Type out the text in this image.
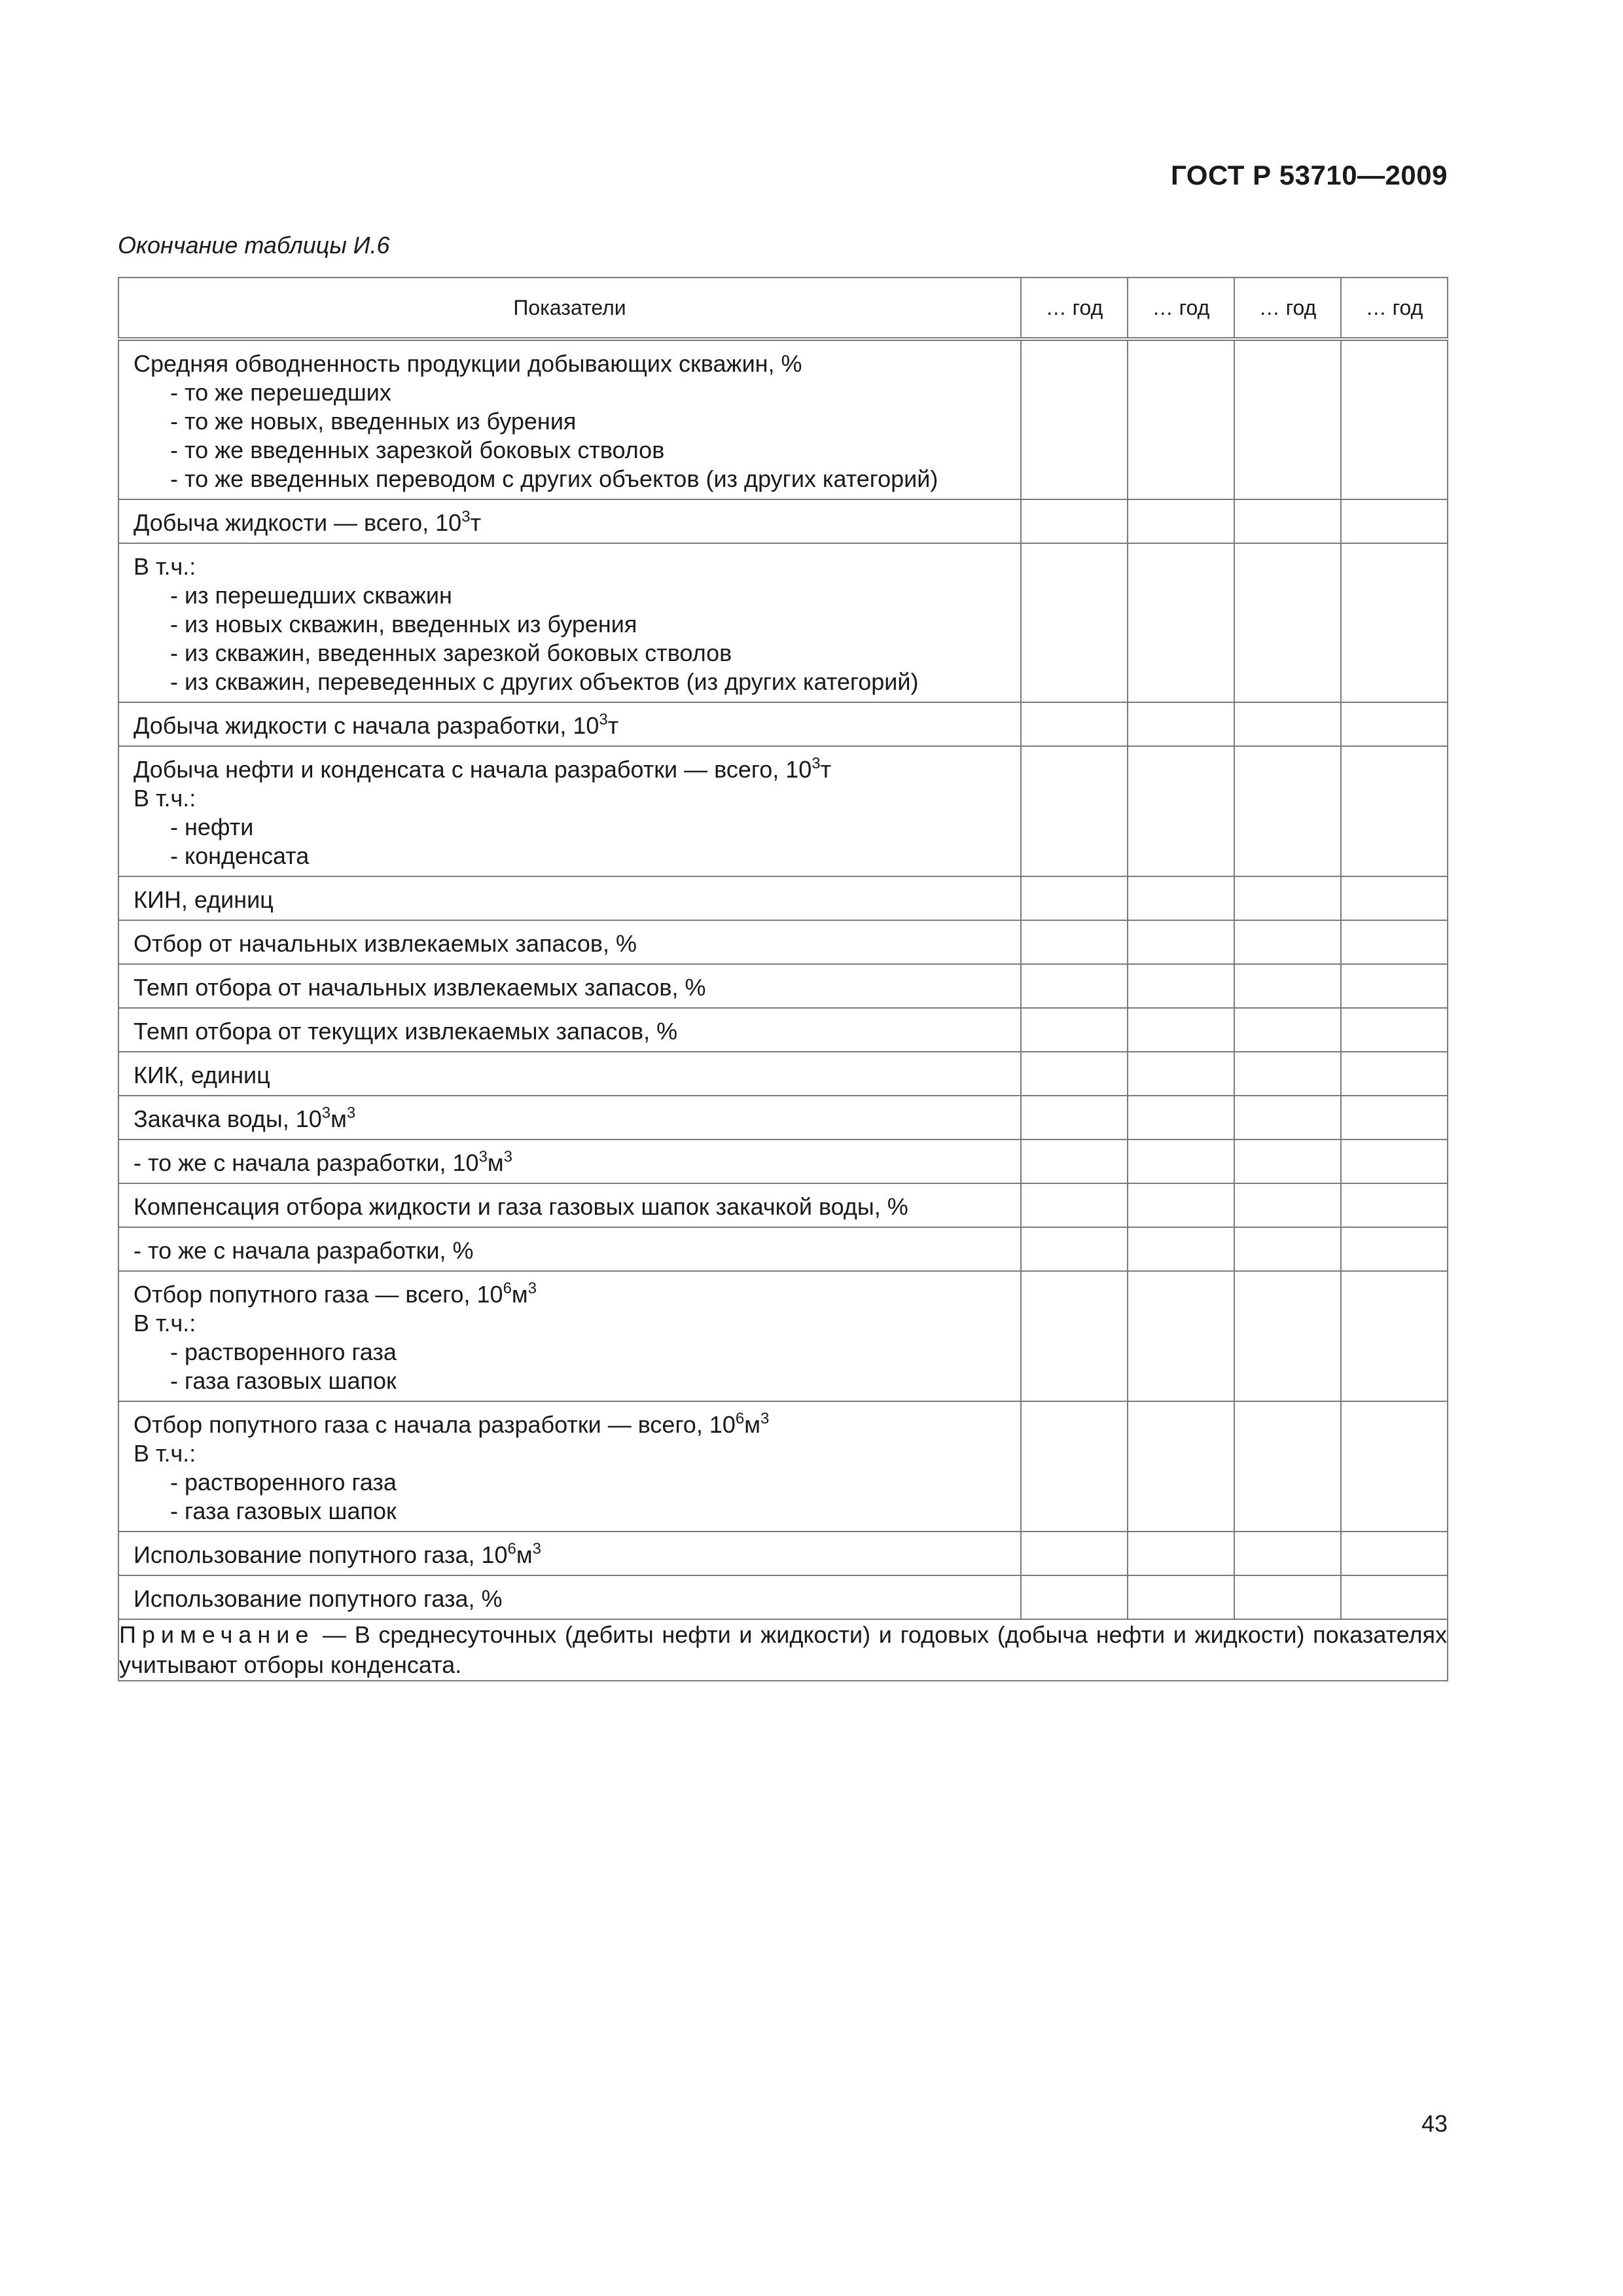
ГОСТ Р 53710—2009
Окончание таблицы И.6
Показатели	… год	… год	… год	… год

Средняя обводненность продукции добывающих скважин, %
- то же перешедших
- то же новых, введенных из бурения
- то же введенных зарезкой боковых стволов
- то же введенных переводом с других объектов (из других категорий)				

Добыча жидкости — всего, $10^3т$				

В т.ч.:
- из перешедших скважин
- из новых скважин, введенных из бурения
- из скважин, введенных зарезкой боковых стволов
- из скважин, переведенных с других объектов (из других категорий)				

Добыча жидкости с начала разработки, $10^3т$				

Добыча нефти и конденсата с начала разработки — всего, $10^3т$
В т.ч.:
- нефти
- конденсата				

КИН, единиц				

Отбор от начальных извлекаемых запасов, %				

Темп отбора от начальных извлекаемых запасов, %				

Темп отбора от текущих извлекаемых запасов, %				

КИК, единиц				

Закачка воды, $10^3м^3$

- то же с начала разработки, $10^3м^3$

Компенсация отбора жидкости и газа газовых шапок закачкой воды, %				

- то же с начала разработки, %				

Отбор попутного газа — всего, $10^6м^3$
В т.ч.:
- растворенного газа
- газа газовых шапок				

Отбор попутного газа с начала разработки — всего, $10^6м^3$
В т.ч.:
- растворенного газа
- газа газовых шапок				

Использование попутного газа, $10^6м^3$

Использование попутного газа, %				

Примечание — В среднесуточных (дебиты нефти и жидкости) и годовых (добыча нефти и жидкости) показателях учитывают отборы конденсата.				
43
